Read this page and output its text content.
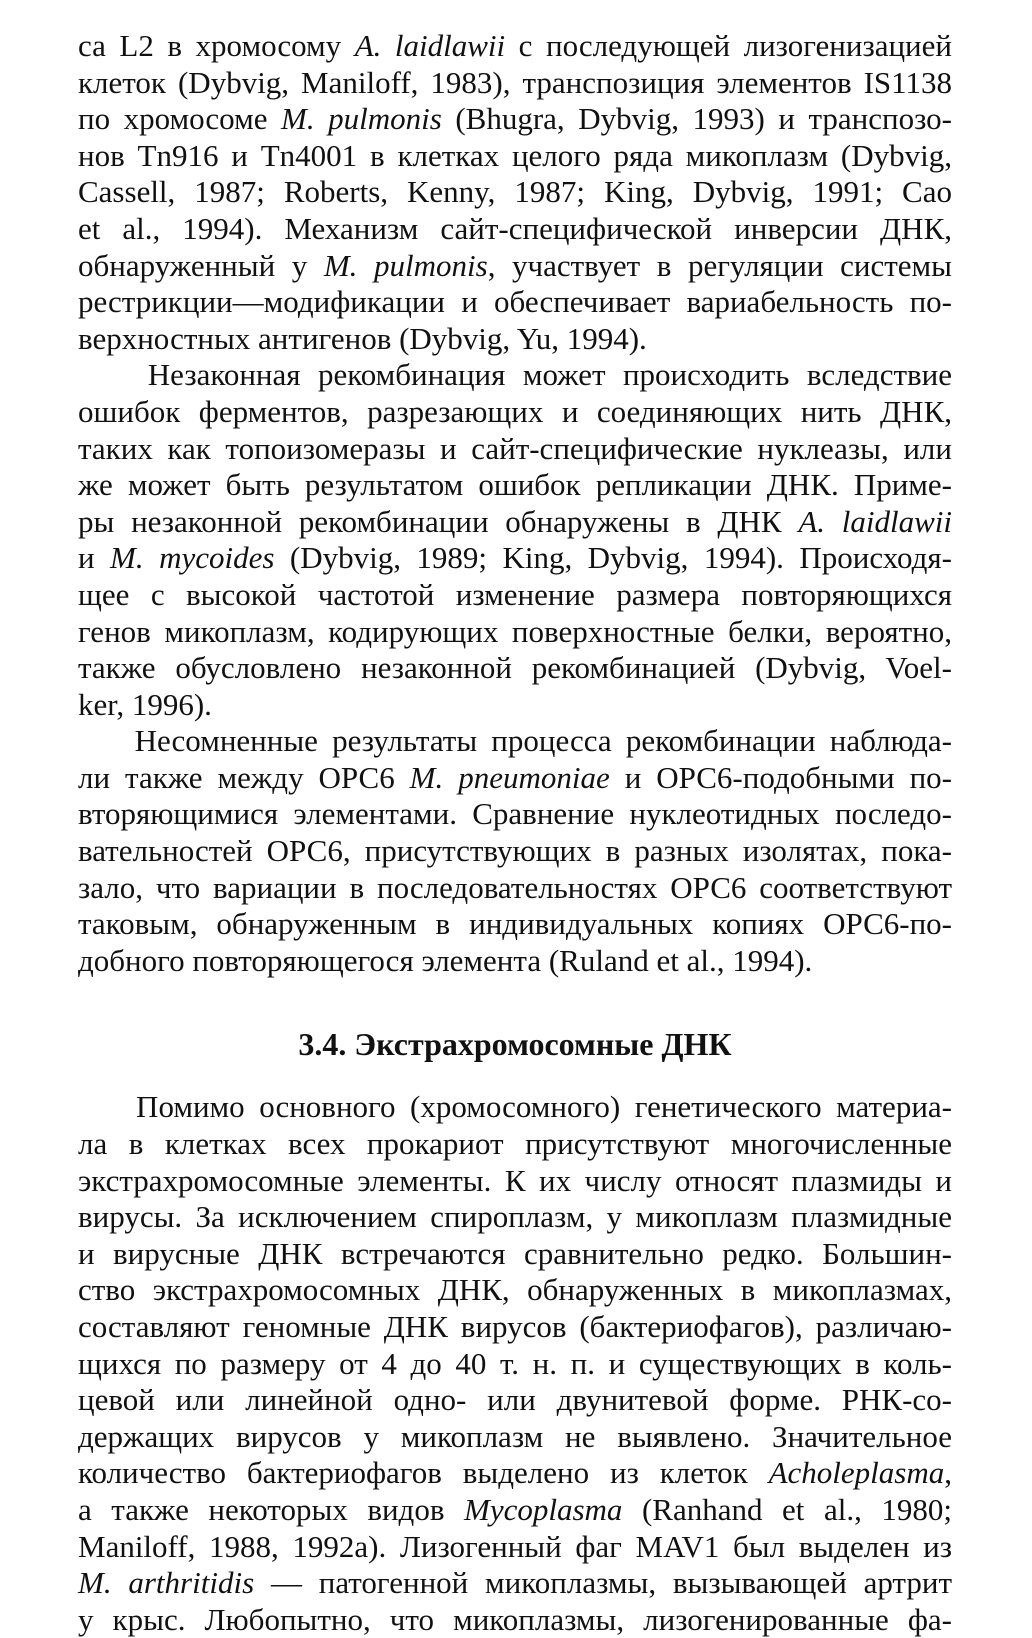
са L2 в хромосому A. laidlawii с последующей лизогенизацией
клеток (Dybvig, Maniloff, 1983), транспозиция элементов IS1138
по хромосоме M. pulmonis (Bhugra, Dybvig, 1993) и транспозо-
нов Tn916 и Tn4001 в клетках целого ряда микоплазм (Dybvig,
Cassell, 1987; Roberts, Kenny, 1987; King, Dybvig, 1991; Cao
et al., 1994). Механизм сайт-специфической инверсии ДНК,
обнаруженный у M. pulmonis, участвует в регуляции системы
рестрикции—модификации и обеспечивает вариабельность по-
верхностных антигенов (Dybvig, Yu, 1994).

Незаконная рекомбинация может происходить вследствие
ошибок ферментов, разрезающих и соединяющих нить ДНК,
таких как топоизомеразы и сайт-специфические нуклеазы, или
же может быть результатом ошибок репликации ДНК. Приме-
ры незаконной рекомбинации обнаружены в ДНК A. laidlawii
и M. mycoides (Dybvig, 1989; King, Dybvig, 1994). Происходя-
щее с высокой частотой изменение размера повторяющихся
генов микоплазм, кодирующих поверхностные белки, вероятно,
также обусловлено незаконной рекомбинацией (Dybvig, Voel-
ker, 1996).

Несомненные результаты процесса рекомбинации наблюда-
ли также между ОРС6 M. pneumoniae и ОРС6-подобными по-
вторяющимися элементами. Сравнение нуклеотидных последо-
вательностей ОРС6, присутствующих в разных изолятах, пока-
зало, что вариации в последовательностях ОРС6 соответствуют
таковым, обнаруженным в индивидуальных копиях ОРС6-по-
добного повторяющегося элемента (Ruland et al., 1994).

3.4. Экстрахромосомные ДНК

Помимо основного (хромосомного) генетического материа-
ла в клетках всех прокариот присутствуют многочисленные
экстрахромосомные элементы. К их числу относят плазмиды и
вирусы. За исключением спироплазм, у микоплазм плазмидные
и вирусные ДНК встречаются сравнительно редко. Большин-
ство экстрахромосомных ДНК, обнаруженных в микоплазмах,
составляют геномные ДНК вирусов (бактериофагов), различаю-
щихся по размеру от 4 до 40 т. н. п. и существующих в коль-
цевой или линейной одно- или двунитевой форме. РНК-со-
держащих вирусов у микоплазм не выявлено. Значительное
количество бактериофагов выделено из клеток Acholeplasma,
а также некоторых видов Mycoplasma (Ranhand et al., 1980;
Maniloff, 1988, 1992a). Лизогенный фаг MAV1 был выделен из
M. arthritidis — патогенной микоплазмы, вызывающей артрит
у крыс. Любопытно, что микоплазмы, лизогенированные фа-
